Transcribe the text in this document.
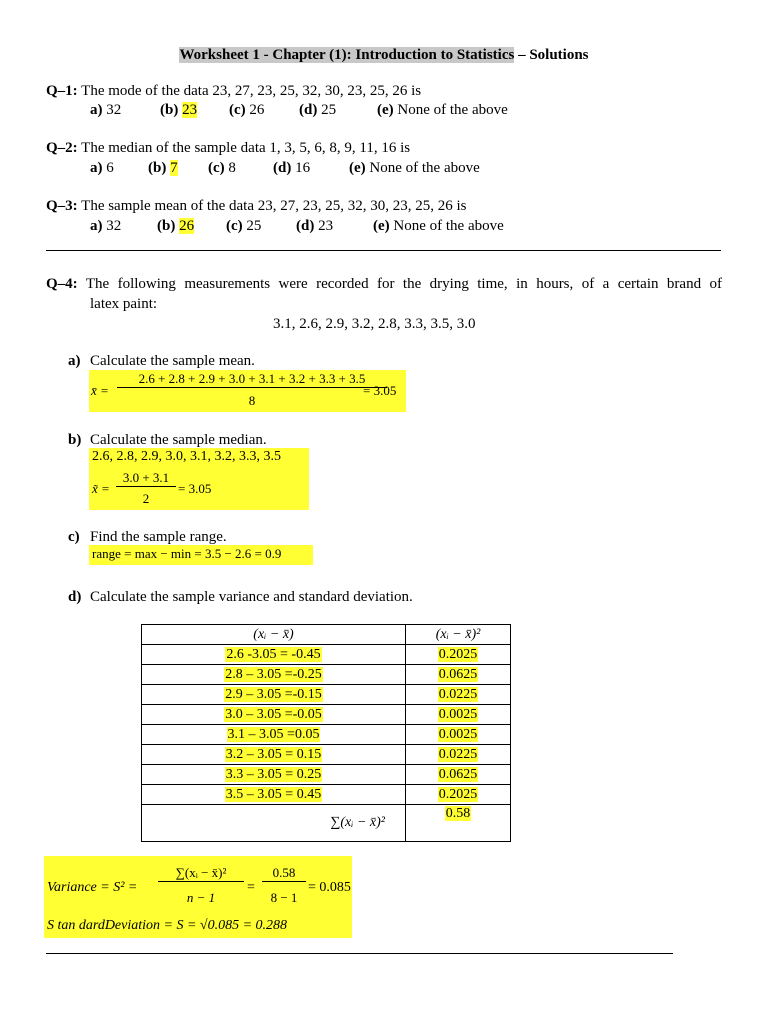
Worksheet 1 - Chapter (1): Introduction to Statistics – Solutions
Q–1: The mode of the data 23, 27, 23, 25, 32, 30, 23, 25, 26 is
a) 32	(b) 23 (c) 26 (d) 25	(e) None of the above
Q–2: The median of the sample data 1, 3, 5, 6, 8, 9, 11, 16 is
a) 6 (b) 7 (c) 8 (d) 16	(e) None of the above
Q–3: The sample mean of the data 23, 27, 23, 25, 32, 30, 23, 25, 26 is
a) 32 (b) 26 (c) 25 (d) 23	(e) None of the above
Q–4: The following measurements were recorded for the drying time, in hours, of a certain brand of
latex paint:
3.1, 2.6, 2.9, 3.2, 2.8, 3.3, 3.5, 3.0
a) Calculate the sample mean.
x̄ =
2.6 + 2.8 + 2.9 + 3.0 + 3.1 + 3.2 + 3.3 + 3.5
8
= 3.05
b) Calculate the sample median.
2.6, 2.8, 2.9, 3.0, 3.1, 3.2, 3.3, 3.5
x̃ =
3.0 + 3.1
2
= 3.05
c) Find the sample range.
range = max − min = 3.5 − 2.6 = 0.9
d) Calculate the sample variance and standard deviation.
(xᵢ − x̄)	(xᵢ − x̄)²
2.6 -3.05 = -0.45	0.2025
2.8 – 3.05 =-0.25	0.0625
2.9 – 3.05 =-0.15	0.0225
3.0 – 3.05 =-0.05	0.0025
3.1 – 3.05 =0.05	0.0025
3.2 – 3.05 = 0.15	0.0225
3.3 – 3.05 = 0.25	0.0625
3.5 – 3.05 = 0.45	0.2025
∑(xᵢ − x̄)²	0.58
Variance = S² =
∑(xᵢ − x̄)²
n − 1
=
0.58
8 − 1
= 0.085
S tan dardDeviation = S = √0.085 = 0.288
